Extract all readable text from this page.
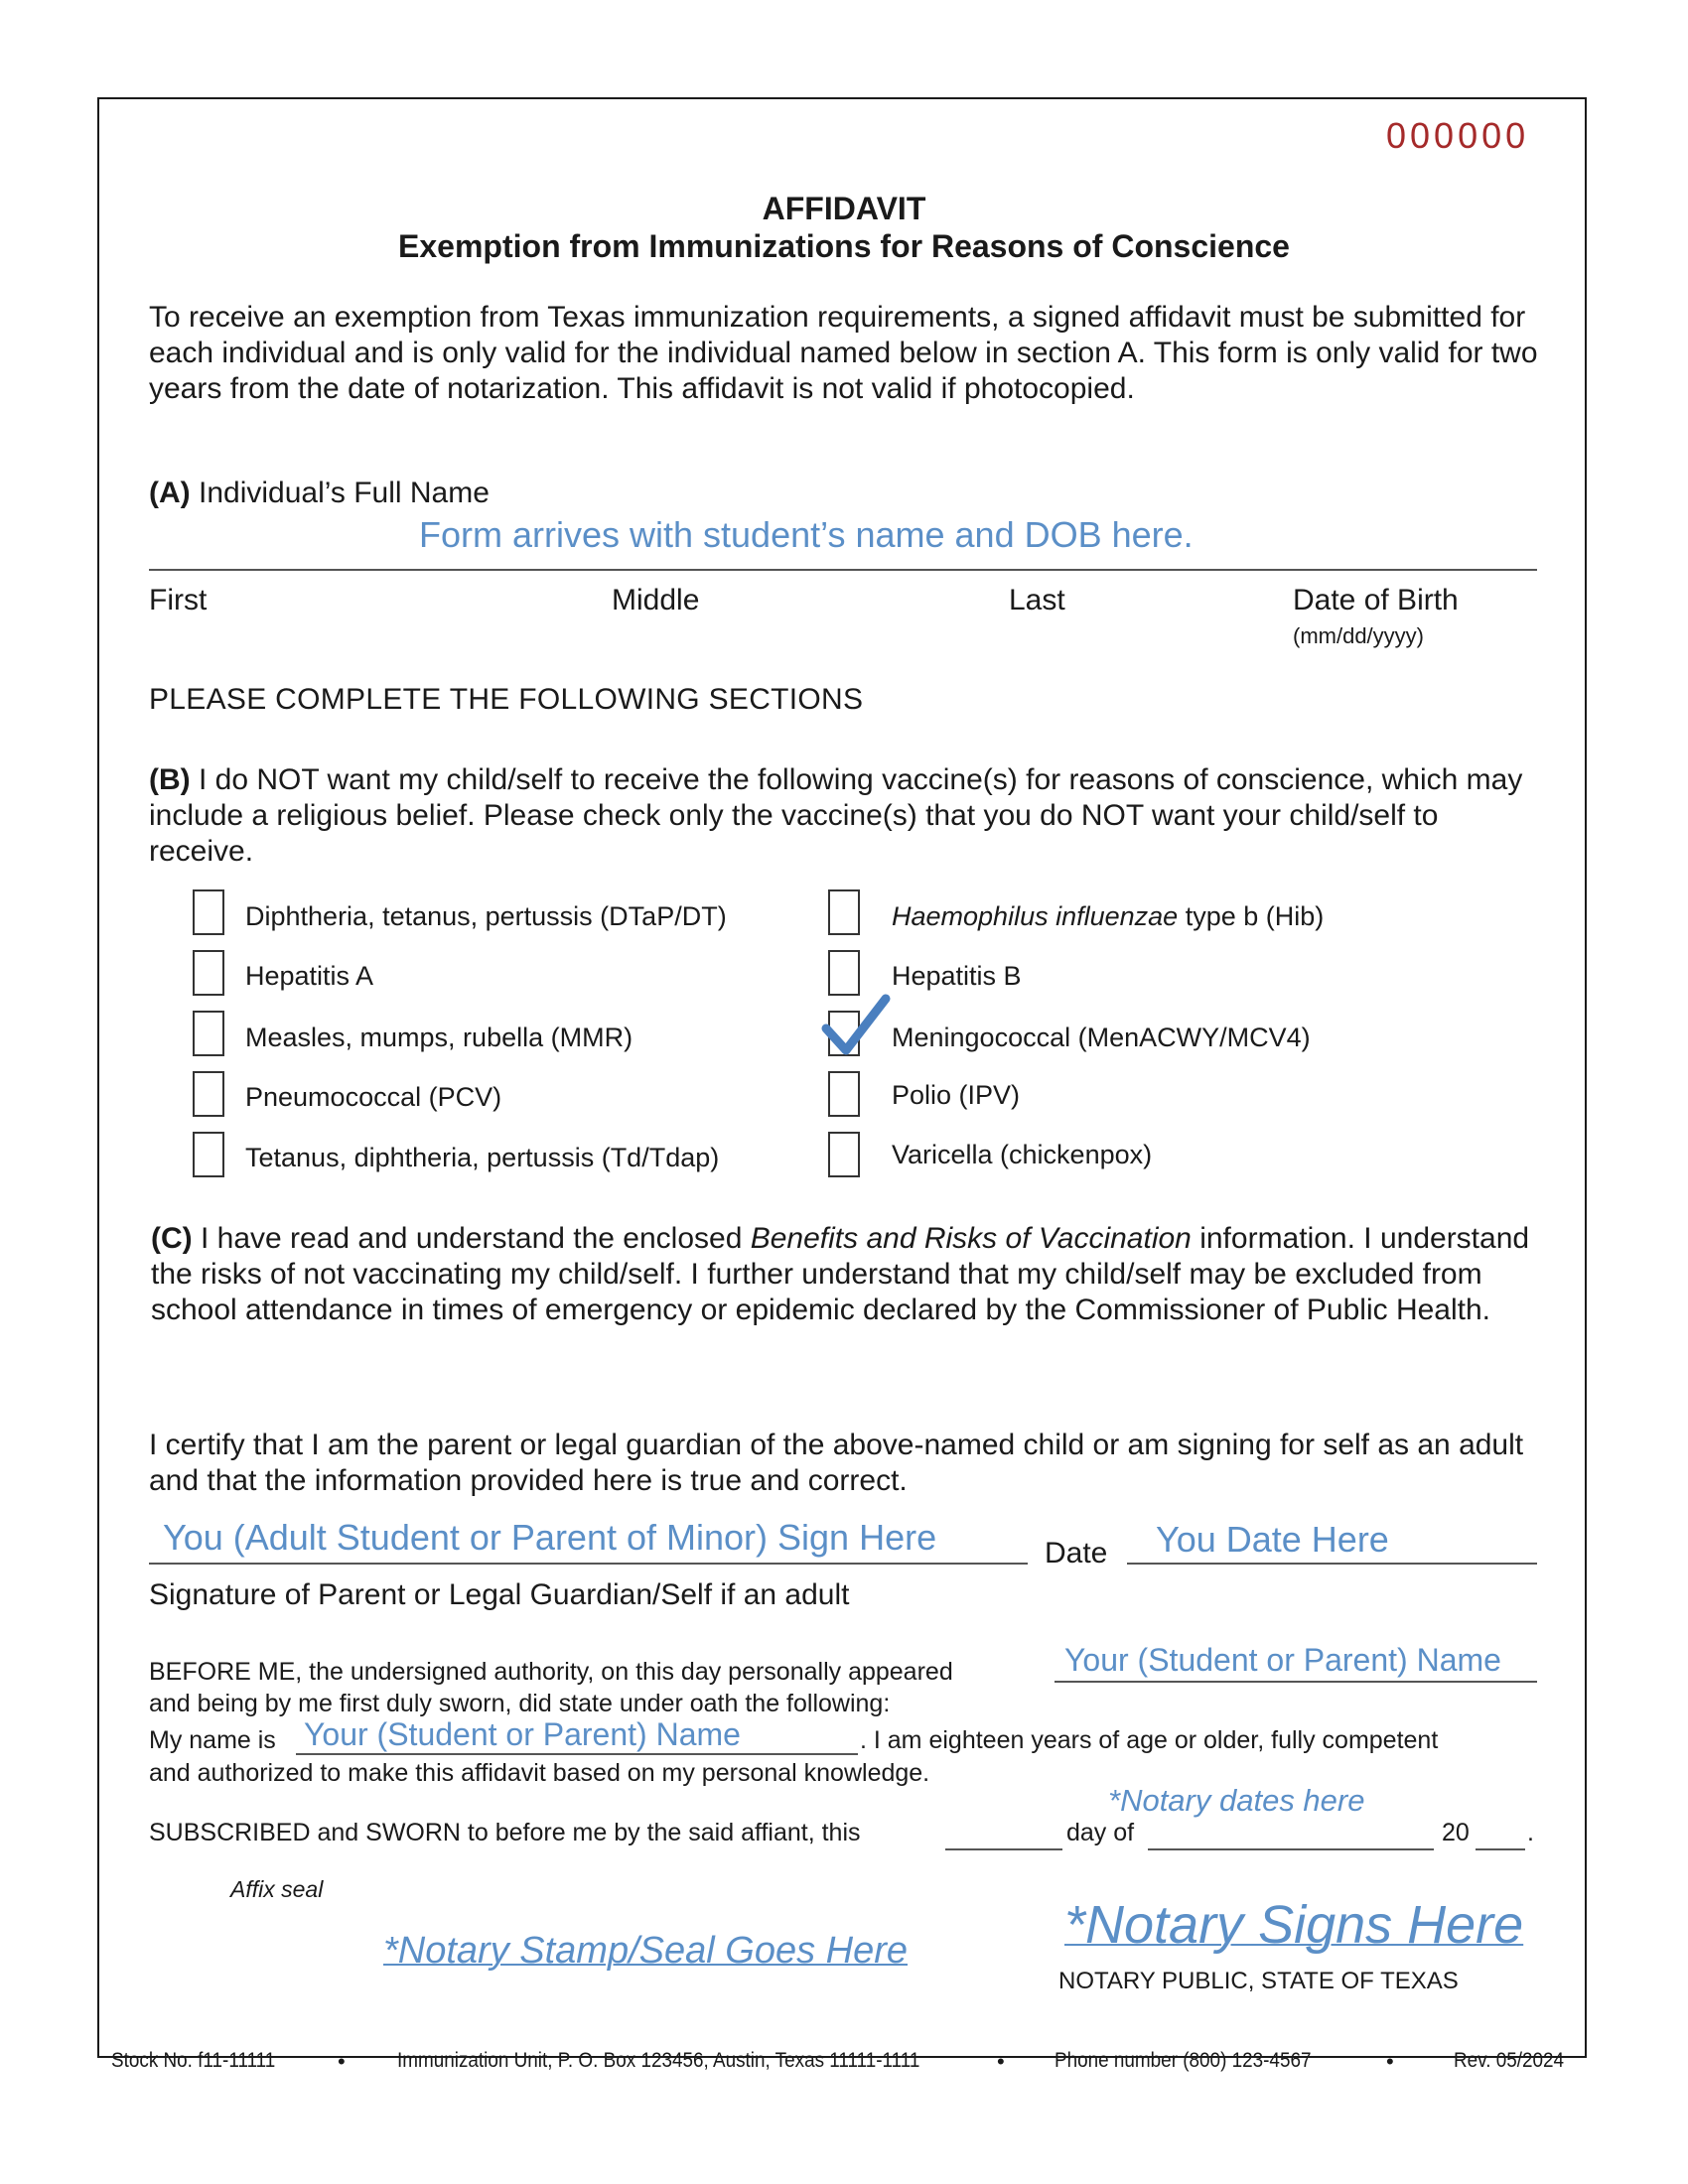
000000
AFFIDAVIT
Exemption from Immunizations for Reasons of Conscience
To receive an exemption from Texas immunization requirements, a signed affidavit must be submitted for each individual and is only valid for the individual named below in section A. This form is only valid for two years from the date of notarization. This affidavit is not valid if photocopied.
(A) Individual’s Full Name
Form arrives with student’s name and DOB here.
First	Middle	Last	Date of Birth
(mm/dd/yyyy)
PLEASE COMPLETE THE FOLLOWING SECTIONS
(B) I do NOT want my child/self to receive the following vaccine(s) for reasons of conscience, which may include a religious belief. Please check only the vaccine(s) that you do NOT want your child/self to receive.
Diphtheria, tetanus, pertussis (DTaP/DT)
Hepatitis A
Measles, mumps, rubella (MMR)
Pneumococcal (PCV)
Tetanus, diphtheria, pertussis (Td/Tdap)
Haemophilus influenzae type b (Hib)
Hepatitis B
Meningococcal (MenACWY/MCV4)
Polio (IPV)
Varicella (chickenpox)
(C) I have read and understand the enclosed Benefits and Risks of Vaccination information. I understand the risks of not vaccinating my child/self. I further understand that my child/self may be excluded from school attendance in times of emergency or epidemic declared by the Commissioner of Public Health.
I certify that I am the parent or legal guardian of the above-named child or am signing for self as an adult and that the information provided here is true and correct.
You (Adult Student or Parent of Minor) Sign Here	Date You Date Here
Signature of Parent or Legal Guardian/Self if an adult
BEFORE ME, the undersigned authority, on this day personally appeared	Your (Student or Parent) Name
and being by me first duly sworn, did state under oath the following:
My name is Your (Student or Parent) Name	. I am eighteen years of age or older, fully competent
and authorized to make this affidavit based on my personal knowledge.
*Notary dates here
SUBSCRIBED and SWORN to before me by the said affiant, this	day of	20 .
Affix seal
*Notary Stamp/Seal Goes Here	*Notary Signs Here
NOTARY PUBLIC, STATE OF TEXAS
Stock No. f11-11111	• Immunization Unit, P. O. Box 123456, Austin, Texas 11111-1111	• Phone number (800) 123-4567	•	Rev. 05/2024
